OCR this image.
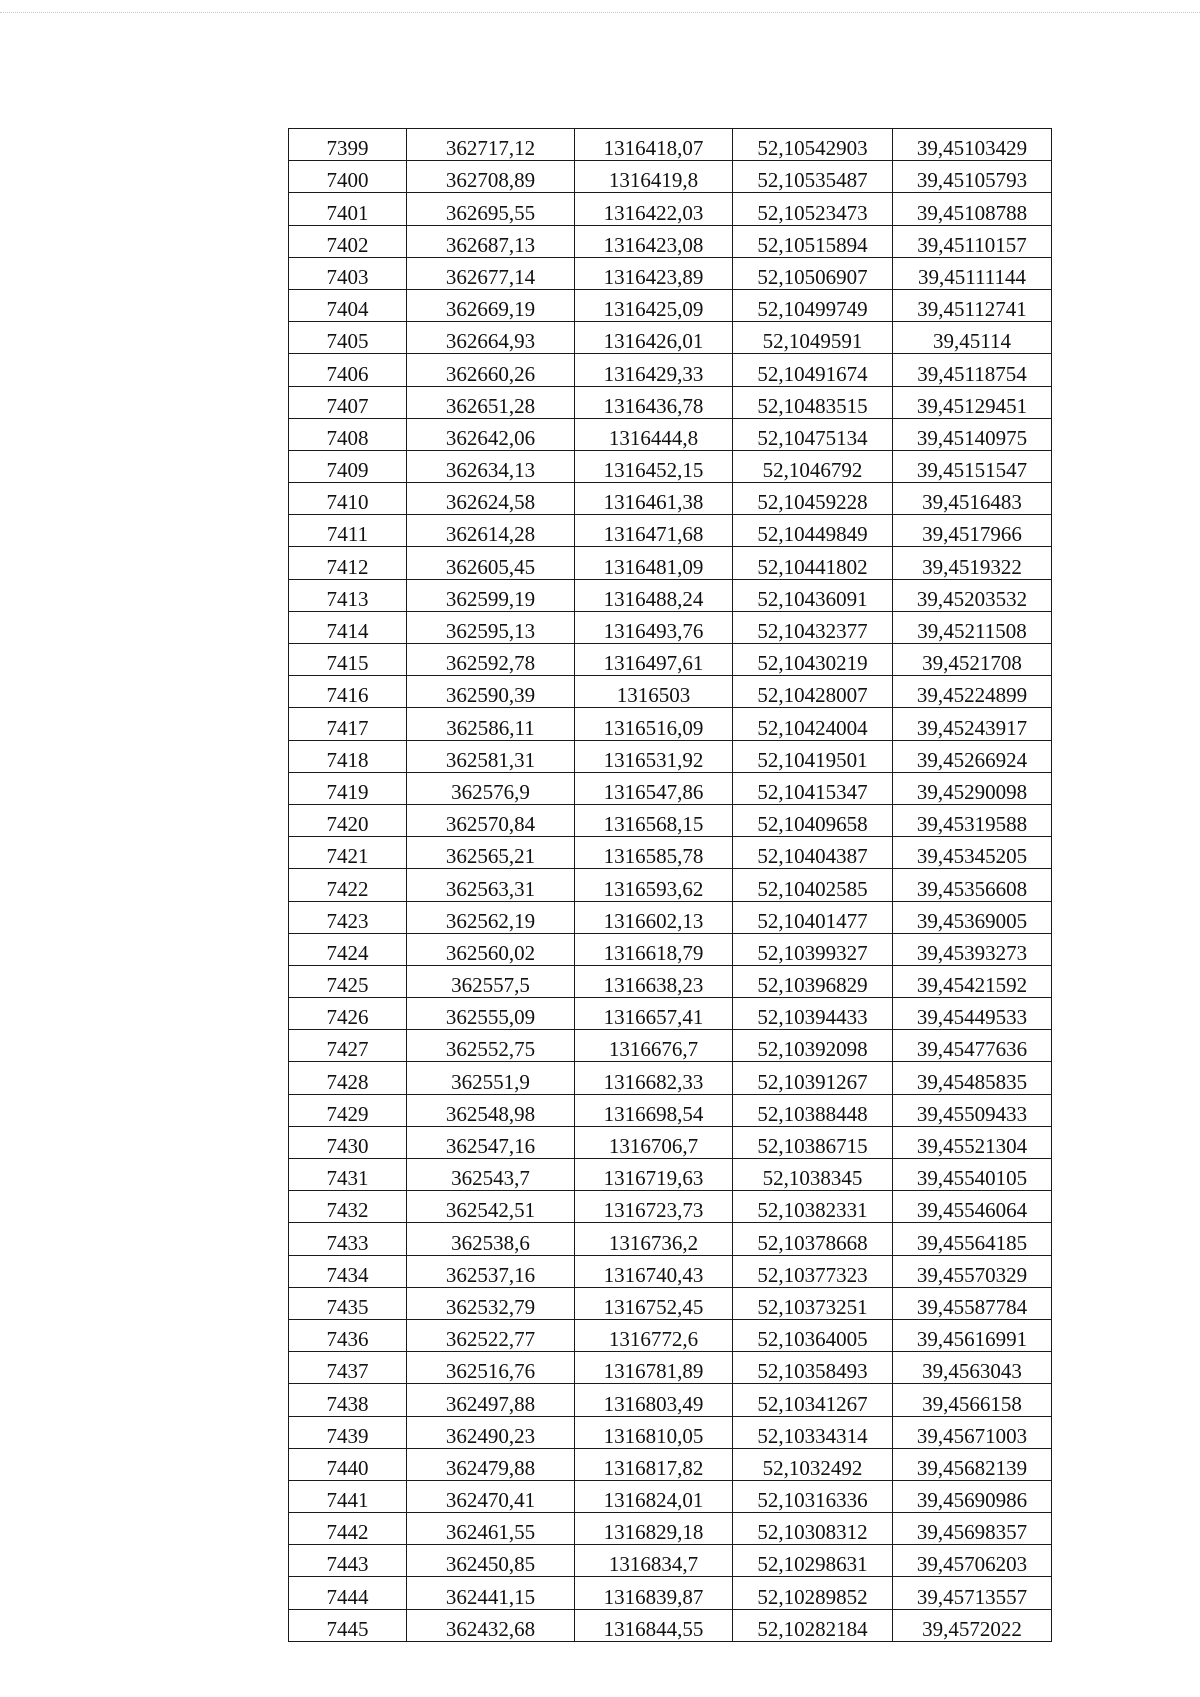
7399	362717,12	1316418,07	52,10542903	39,45103429
7400	362708,89	1316419,8	52,10535487	39,45105793
7401	362695,55	1316422,03	52,10523473	39,45108788
7402	362687,13	1316423,08	52,10515894	39,45110157
7403	362677,14	1316423,89	52,10506907	39,45111144
7404	362669,19	1316425,09	52,10499749	39,45112741
7405	362664,93	1316426,01	52,1049591	39,45114
7406	362660,26	1316429,33	52,10491674	39,45118754
7407	362651,28	1316436,78	52,10483515	39,45129451
7408	362642,06	1316444,8	52,10475134	39,45140975
7409	362634,13	1316452,15	52,1046792	39,45151547
7410	362624,58	1316461,38	52,10459228	39,4516483
7411	362614,28	1316471,68	52,10449849	39,4517966
7412	362605,45	1316481,09	52,10441802	39,4519322
7413	362599,19	1316488,24	52,10436091	39,45203532
7414	362595,13	1316493,76	52,10432377	39,45211508
7415	362592,78	1316497,61	52,10430219	39,4521708
7416	362590,39	1316503	52,10428007	39,45224899
7417	362586,11	1316516,09	52,10424004	39,45243917
7418	362581,31	1316531,92	52,10419501	39,45266924
7419	362576,9	1316547,86	52,10415347	39,45290098
7420	362570,84	1316568,15	52,10409658	39,45319588
7421	362565,21	1316585,78	52,10404387	39,45345205
7422	362563,31	1316593,62	52,10402585	39,45356608
7423	362562,19	1316602,13	52,10401477	39,45369005
7424	362560,02	1316618,79	52,10399327	39,45393273
7425	362557,5	1316638,23	52,10396829	39,45421592
7426	362555,09	1316657,41	52,10394433	39,45449533
7427	362552,75	1316676,7	52,10392098	39,45477636
7428	362551,9	1316682,33	52,10391267	39,45485835
7429	362548,98	1316698,54	52,10388448	39,45509433
7430	362547,16	1316706,7	52,10386715	39,45521304
7431	362543,7	1316719,63	52,1038345	39,45540105
7432	362542,51	1316723,73	52,10382331	39,45546064
7433	362538,6	1316736,2	52,10378668	39,45564185
7434	362537,16	1316740,43	52,10377323	39,45570329
7435	362532,79	1316752,45	52,10373251	39,45587784
7436	362522,77	1316772,6	52,10364005	39,45616991
7437	362516,76	1316781,89	52,10358493	39,4563043
7438	362497,88	1316803,49	52,10341267	39,4566158
7439	362490,23	1316810,05	52,10334314	39,45671003
7440	362479,88	1316817,82	52,1032492	39,45682139
7441	362470,41	1316824,01	52,10316336	39,45690986
7442	362461,55	1316829,18	52,10308312	39,45698357
7443	362450,85	1316834,7	52,10298631	39,45706203
7444	362441,15	1316839,87	52,10289852	39,45713557
7445	362432,68	1316844,55	52,10282184	39,4572022
